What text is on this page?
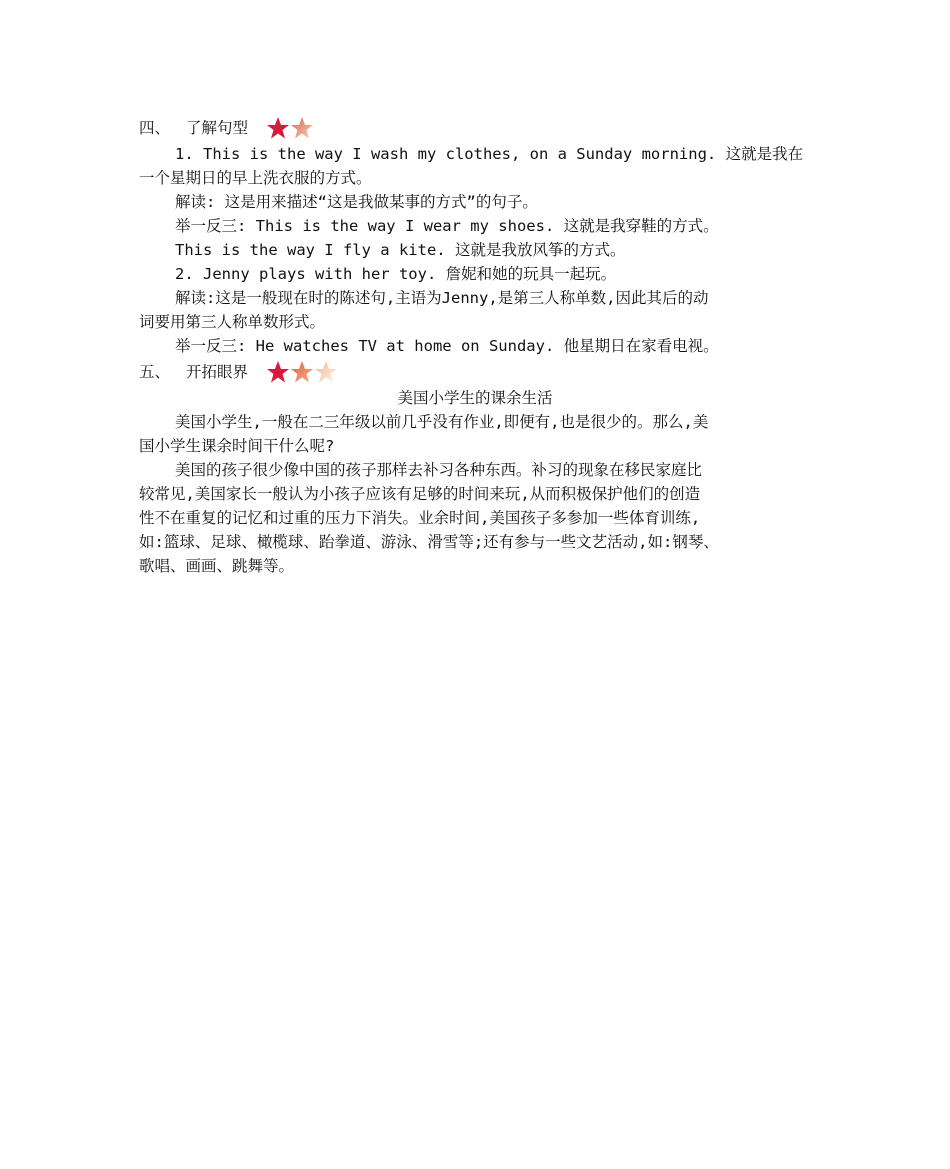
四、	了解句型
1. This is the way I wash my clothes, on a Sunday morning. 这就是我在
一个星期日的早上洗衣服的方式。
解读: 这是用来描述“这是我做某事的方式”的句子。
举一反三: This is the way I wear my shoes. 这就是我穿鞋的方式。
This is the way I fly a kite. 这就是我放风筝的方式。
2. Jenny plays with her toy. 詹妮和她的玩具一起玩。
解读:这是一般现在时的陈述句,主语为Jenny,是第三人称单数,因此其后的动
词要用第三人称单数形式。
举一反三: He watches TV at home on Sunday. 他星期日在家看电视。
五、	开拓眼界
美国小学生的课余生活
美国小学生,一般在二三年级以前几乎没有作业,即便有,也是很少的。那么,美
国小学生课余时间干什么呢?
美国的孩子很少像中国的孩子那样去补习各种东西。补习的现象在移民家庭比
较常见,美国家长一般认为小孩子应该有足够的时间来玩,从而积极保护他们的创造
性不在重复的记忆和过重的压力下消失。业余时间,美国孩子多参加一些体育训练,
如:篮球、足球、橄榄球、跆拳道、游泳、滑雪等;还有参与一些文艺活动,如:钢琴、
歌唱、画画、跳舞等。
